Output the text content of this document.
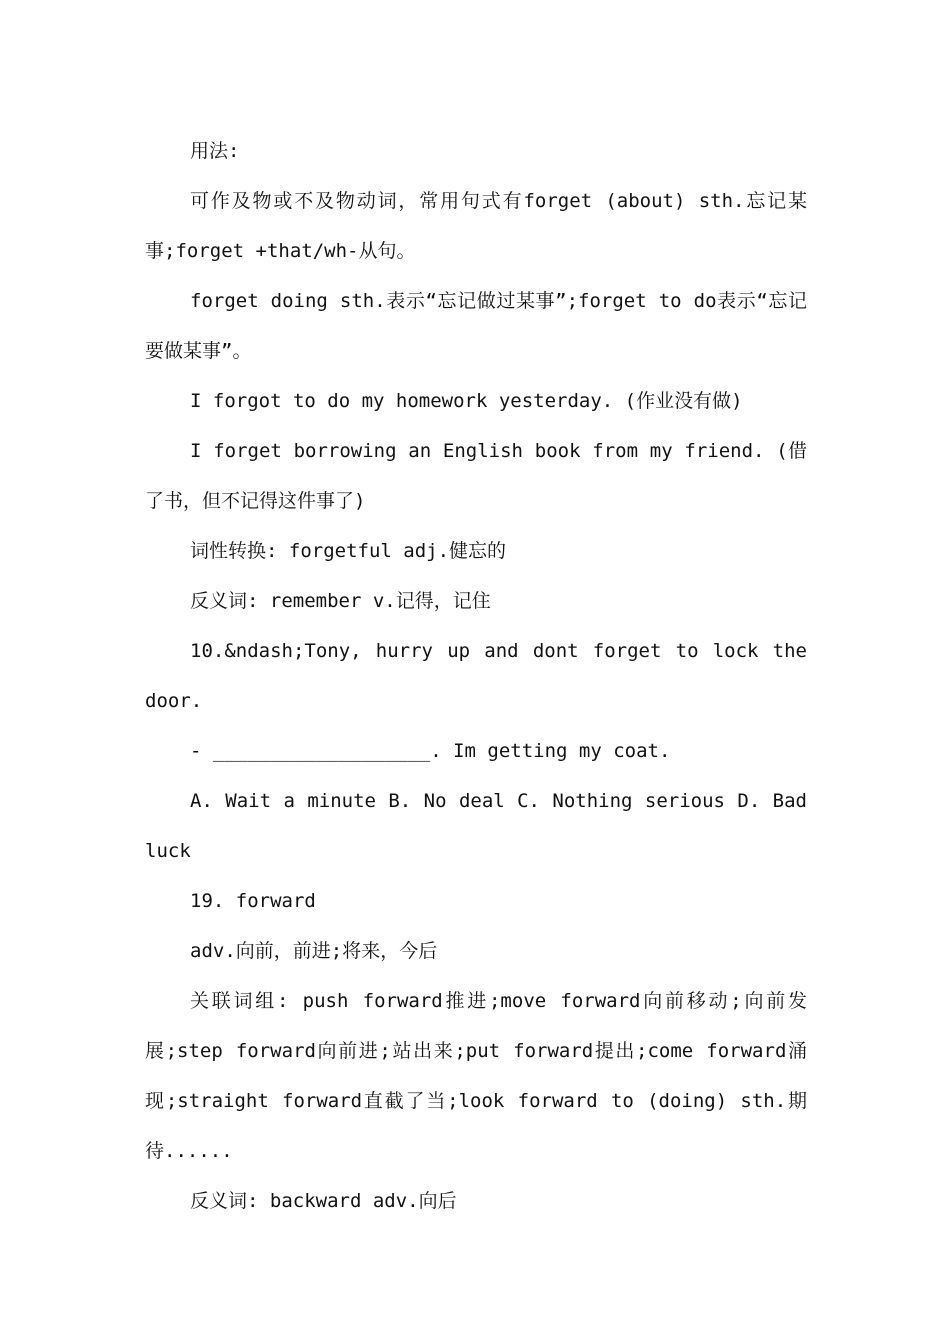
用法:

可作及物或不及物动词，常用句式有forget (about) sth.忘记某事;forget +that/wh-从句。

forget doing sth.表示“忘记做过某事”;forget to do表示“忘记要做某事”。

I forgot to do my homework yesterday. (作业没有做)

I forget borrowing an English book from my friend. (借了书，但不记得这件事了)

词性转换: forgetful adj.健忘的

反义词: remember v.记得，记住

10.&ndash;Tony, hurry up and dont forget to lock the door.

- ___________________. Im getting my coat.

A. Wait a minute B. No deal C. Nothing serious D. Bad luck

19. forward

adv.向前，前进;将来，今后

关联词组: push forward推进;move forward向前移动;向前发展;step forward向前进;站出来;put forward提出;come forward涌现;straight forward直截了当;look forward to (doing) sth.期待......

反义词: backward adv.向后
